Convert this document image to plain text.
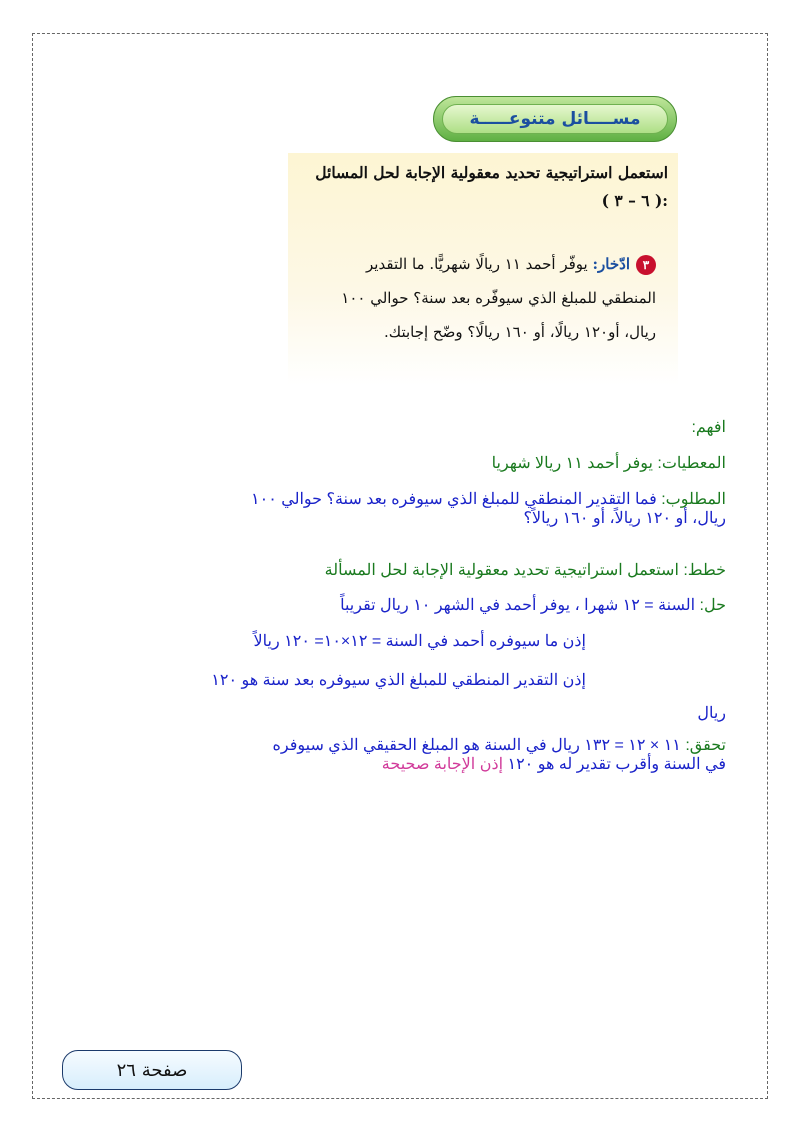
مســــائل متنوعـــــة
استعمل استراتيجية تحديد معقولية الإجابة لحل المسائل
:( ٦ – ٣ )
٣ادّخار: يوفّر أحمد ١١ ريالًا شهريًّا. ما التقدير المنطقي للمبلغ الذي سيوفّره بعد سنة؟ حوالي ١٠٠ ريال، أو١٢٠ ريالًا، أو ١٦٠ ريالًا؟ وضّح إجابتك.
افهم:
المعطيات: يوفر أحمد ١١ ريالا شهريا
المطلوب: فما التقدير المنطقي للمبلغ الذي سيوفره بعد سنة؟ حوالي ١٠٠
ريال، أو ١٢٠ ريالاً، أو ١٦٠ ريالاً؟
خطط: استعمل استراتيجية تحديد معقولية الإجابة لحل المسألة
حل: السنة = ١٢ شهرا ، يوفر أحمد في الشهر ١٠ ريال تقريباً
إذن ما سيوفره أحمد في السنة = ١٢×١٠= ١٢٠ ريالاً
إذن التقدير المنطقي للمبلغ الذي سيوفره بعد سنة هو ١٢٠
ريال
تحقق: ١١ × ١٢ = ١٣٢ ريال في السنة هو المبلغ الحقيقي الذي سيوفره
في السنة وأقرب تقدير له هو ١٢٠ إذن الإجابة صحيحة
صفحة ٢٦
